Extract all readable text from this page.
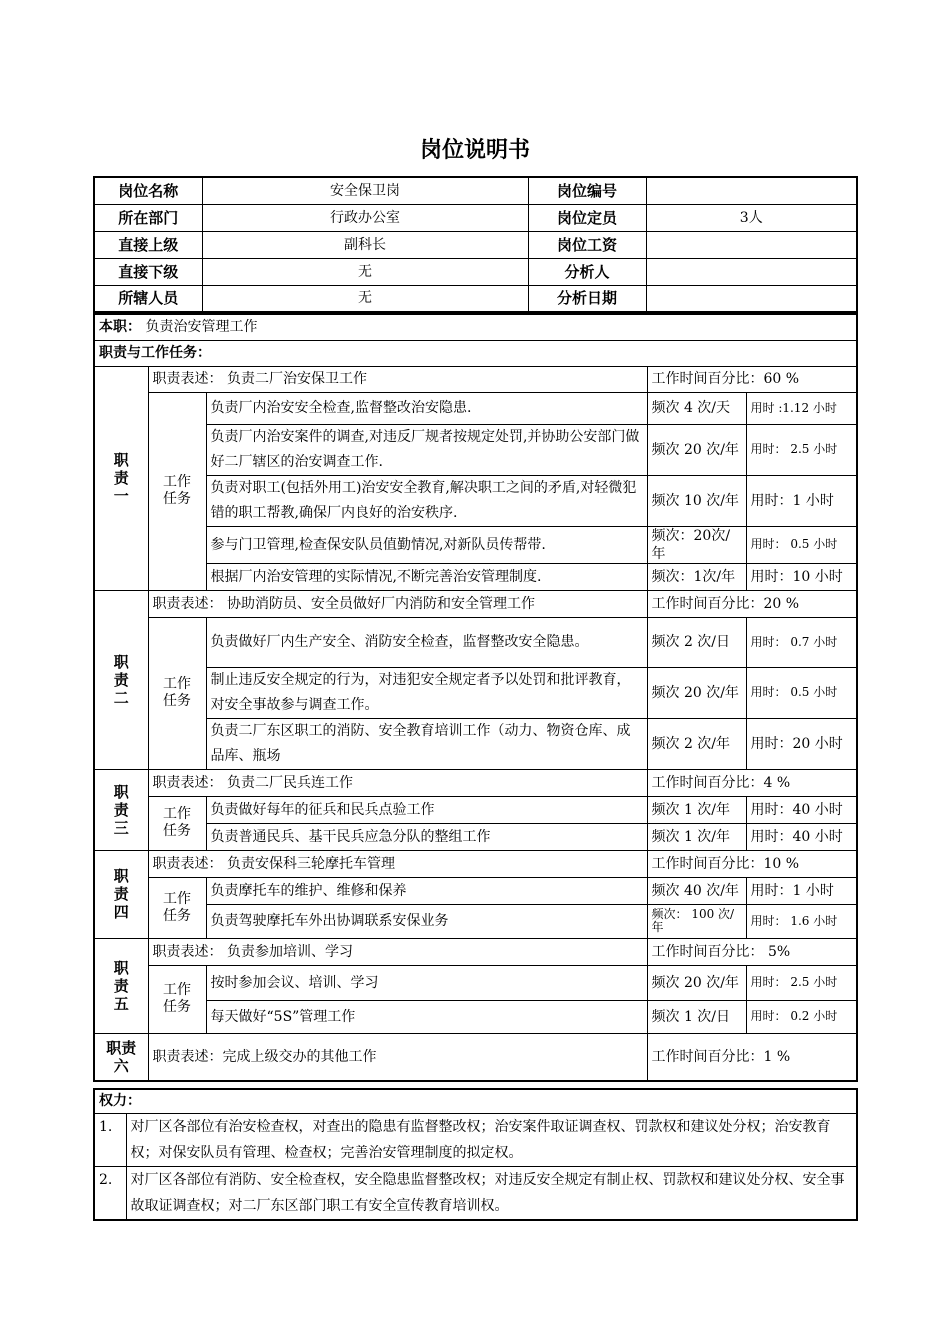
岗位说明书
岗位名称	安全保卫岗	岗位编号	
所在部门	行政办公室	岗位定员	3人
直接上级	副科长	岗位工资	
直接下级	无	分析人	
所辖人员	无	分析日期	
本职： 负责治安管理工作				
职责与工作任务：				
职
责
一	职责表述： 负责二厂治安保卫工作		工作时间百分比：60 %	
	工作
任务	负责厂内治安安全检查,监督整改治安隐患.	频次 4 次/天	用时 :1.12 小时
		负责厂内治安案件的调查,对违反厂规者按规定处罚,并协助公安部门做好二厂辖区的治安调查工作.	频次 20 次/年	用时： 2.5 小时
		负责对职工(包括外用工)治安安全教育,解决职工之间的矛盾,对轻微犯错的职工帮教,确保厂内良好的治安秩序.	频次 10 次/年	用时：1 小时
		参与门卫管理,检查保安队员值勤情况,对新队员传帮带.	频次：20次/年	用时： 0.5 小时
		根据厂内治安管理的实际情况,不断完善治安管理制度.	频次：1次/年	用时：10 小时
职
责
二	职责表述： 协助消防员、安全员做好厂内消防和安全管理工作		工作时间百分比：20 %	
	工作
任务	负责做好厂内生产安全、消防安全检查，监督整改安全隐患。	频次 2 次/日	用时： 0.7 小时
		制止违反安全规定的行为，对违犯安全规定者予以处罚和批评教育，对安全事故参与调查工作。	频次 20 次/年	用时： 0.5 小时
		负责二厂东区职工的消防、安全教育培训工作（动力、物资仓库、成品库、瓶场	频次 2 次/年	用时：20 小时
职
责
三	职责表述： 负责二厂民兵连工作		工作时间百分比：4 %	
	工作
任务	负责做好每年的征兵和民兵点验工作	频次 1 次/年	用时：40 小时
		负责普通民兵、基干民兵应急分队的整组工作	频次 1 次/年	用时：40 小时
职
责
四	职责表述： 负责安保科三轮摩托车管理		工作时间百分比：10 %	
	工作
任务	负责摩托车的维护、维修和保养	频次 40 次/年	用时：1 小时
		负责驾驶摩托车外出协调联系安保业务	频次： 100 次/年	用时： 1.6 小时
职
责
五	职责表述： 负责参加培训、学习		工作时间百分比： 5%	
	工作
任务	按时参加会议、培训、学习	频次 20 次/年	用时： 2.5 小时
		每天做好“5S”管理工作	频次 1 次/日	用时： 0.2 小时
职责
六	职责表述：完成上级交办的其他工作		工作时间百分比：1 %	
权力：	
1.	对厂区各部位有治安检查权，对查出的隐患有监督整改权；治安案件取证调查权、罚款权和建议处分权；治安教育权；对保安队员有管理、检查权；完善治安管理制度的拟定权。
2.	对厂区各部位有消防、安全检查权，安全隐患监督整改权；对违反安全规定有制止权、罚款权和建议处分权、安全事故取证调查权；对二厂东区部门职工有安全宣传教育培训权。
